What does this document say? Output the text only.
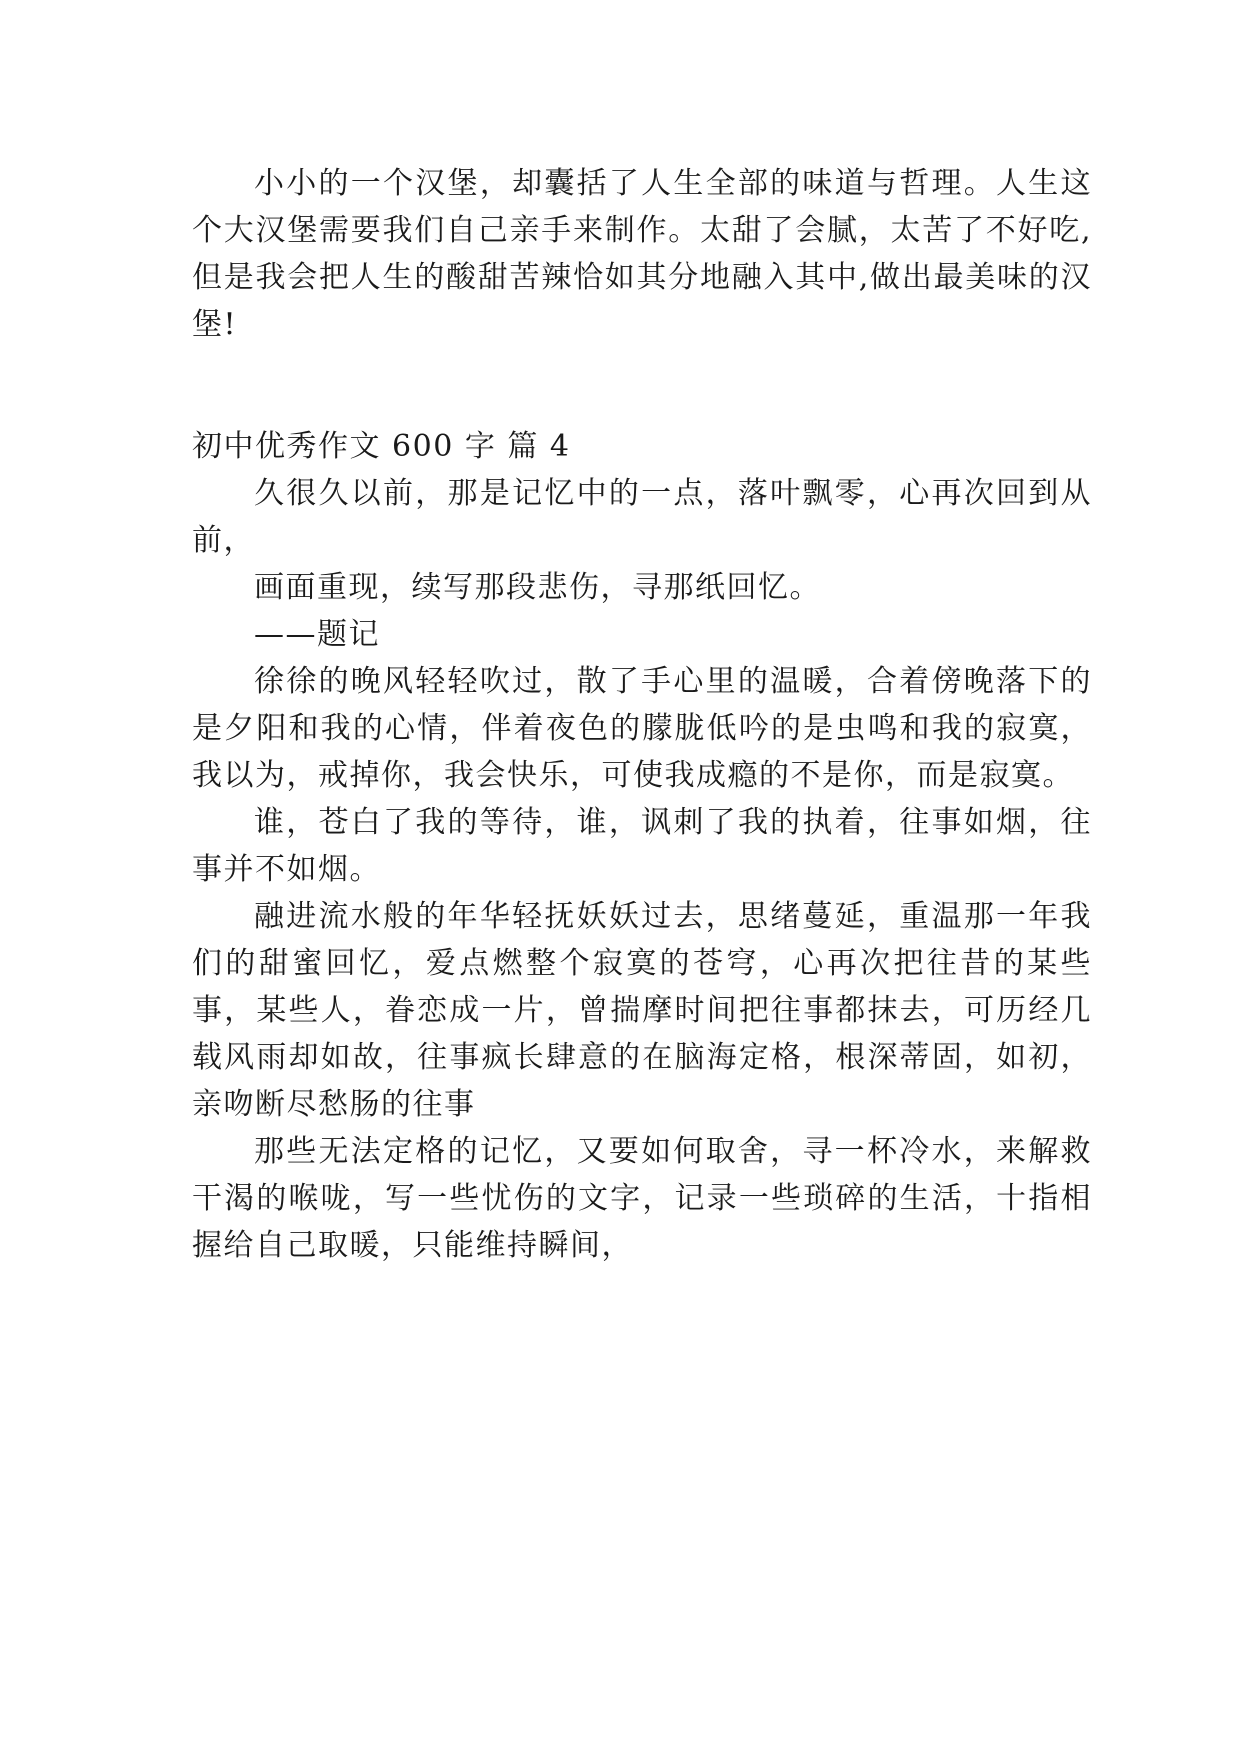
小小的一个汉堡，却囊括了人生全部的味道与哲理。人生这个大汉堡需要我们自己亲手来制作。太甜了会腻，太苦了不好吃,但是我会把人生的酸甜苦辣恰如其分地融入其中,做出最美味的汉堡!

初中优秀作文 600 字 篇 4

久很久以前，那是记忆中的一点，落叶飘零，心再次回到从前，

画面重现，续写那段悲伤，寻那纸回忆。

——题记

徐徐的晚风轻轻吹过，散了手心里的温暖，合着傍晚落下的是夕阳和我的心情，伴着夜色的朦胧低吟的是虫鸣和我的寂寞，我以为，戒掉你，我会快乐，可使我成瘾的不是你，而是寂寞。

谁，苍白了我的等待，谁，讽刺了我的执着，往事如烟，往事并不如烟。

融进流水般的年华轻抚妖妖过去，思绪蔓延，重温那一年我们的甜蜜回忆，爱点燃整个寂寞的苍穹，心再次把往昔的某些事，某些人，眷恋成一片，曾揣摩时间把往事都抹去，可历经几载风雨却如故，往事疯长肆意的在脑海定格，根深蒂固，如初，亲吻断尽愁肠的往事

那些无法定格的记忆，又要如何取舍，寻一杯冷水，来解救干渴的喉咙，写一些忧伤的文字，记录一些琐碎的生活，十指相握给自己取暖，只能维持瞬间，
